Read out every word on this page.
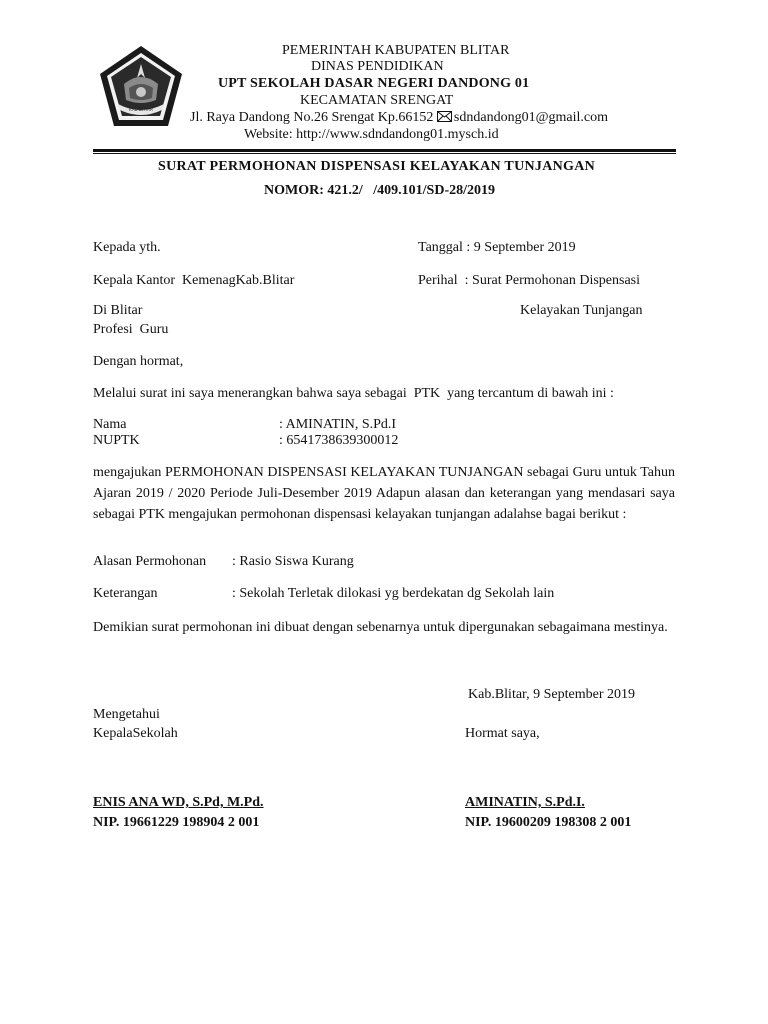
KAB.BLITAR
PEMERINTAH KABUPATEN BLITAR
DINAS PENDIDIKAN
UPT SEKOLAH DASAR NEGERI DANDONG 01
KECAMATAN SRENGAT
Jl. Raya Dandong No.26 Srengat Kp.66152 sdndandong01@gmail.com
Website: http://www.sdndandong01.mysch.id
SURAT PERMOHONAN DISPENSASI KELAYAKAN TUNJANGAN
NOMOR: 421.2/   /409.101/SD-28/2019
Kepada yth.	Tanggal : 9 September 2019
Kepala Kantor  KemenagKab.Blitar	Perihal  : Surat Permohonan Dispensasi
Di Blitar	Kelayakan Tunjangan
Profesi  Guru
Dengan hormat,
Melalui surat ini saya menerangkan bahwa saya sebagai  PTK  yang tercantum di bawah ini :
Nama	: AMINATIN, S.Pd.I
NUPTK	: 6541738639300012
mengajukan PERMOHONAN DISPENSASI KELAYAKAN TUNJANGAN sebagai Guru untuk Tahun Ajaran 2019 / 2020 Periode Juli-Desember 2019 Adapun alasan dan keterangan yang mendasari saya sebagai PTK mengajukan permohonan dispensasi kelayakan tunjangan adalahse bagai berikut :
Alasan Permohonan : Rasio Siswa Kurang
Keterangan	: Sekolah Terletak dilokasi yg berdekatan dg Sekolah lain
Demikian surat permohonan ini dibuat dengan sebenarnya untuk dipergunakan sebagaimana mestinya.
Kab.Blitar, 9 September 2019
Mengetahui
KepalaSekolah	Hormat saya,
ENIS ANA WD, S.Pd, M.Pd.
NIP. 19661229 198904 2 001
AMINATIN, S.Pd.I.
NIP. 19600209 198308 2 001
